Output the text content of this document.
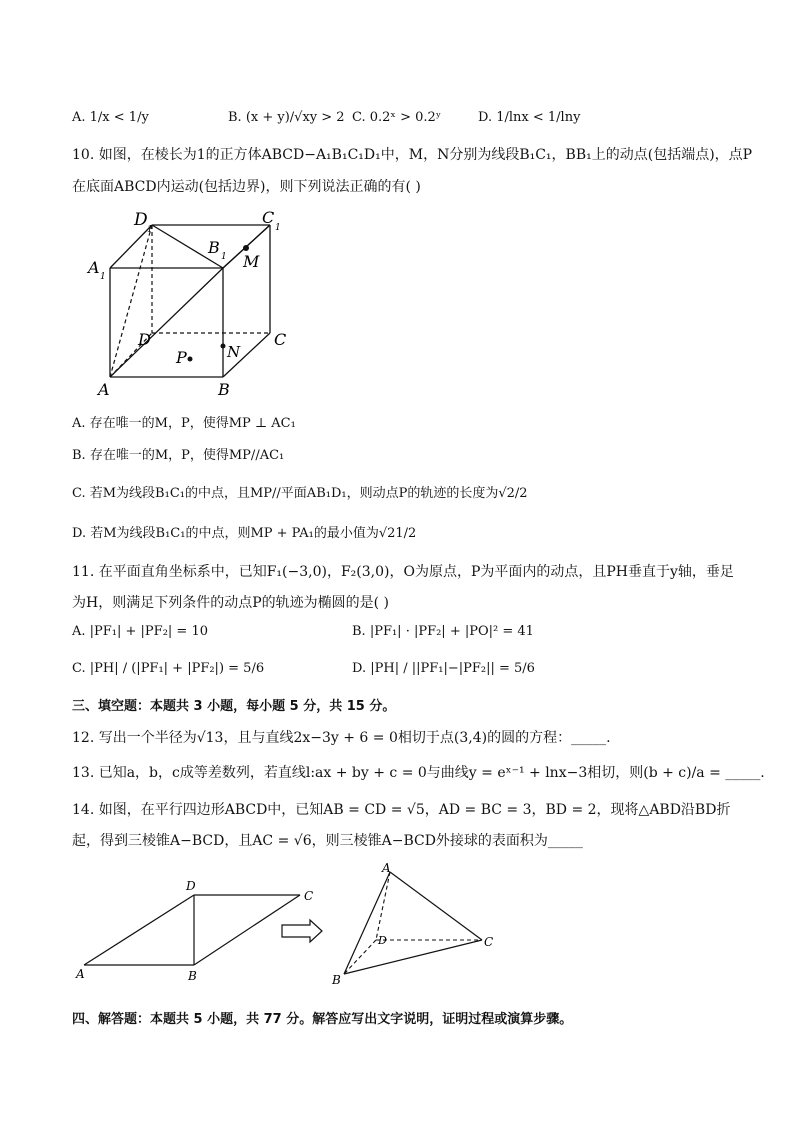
A. 1/x < 1/y	B. (x + y)/√xy > 2 C. 0.2ˣ > 0.2ʸ	D. 1/lnx < 1/lny
10. 如图，在棱长为1的正方体ABCD−A₁B₁C₁D₁中，M，N分别为线段B₁C₁，BB₁上的动点(包括端点)，点P
在底面ABCD内运动(包括边界)，则下列说法正确的有( )
D 1
A 1
B 1
C
1
M
D	C
P	N
A	B
A. 存在唯一的M，P，使得MP ⊥ AC₁
B. 存在唯一的M，P，使得MP//AC₁
C. 若M为线段B₁C₁的中点，且MP//平面AB₁D₁，则动点P的轨迹的长度为√2/2
D. 若M为线段B₁C₁的中点，则MP + PA₁的最小值为√21/2
11. 在平面直角坐标系中，已知F₁(−3,0)，F₂(3,0)，O为原点，P为平面内的动点，且PH垂直于y轴，垂足
为H，则满足下列条件的动点P的轨迹为椭圆的是( )
A. |PF₁| + |PF₂| = 10	B. |PF₁| · |PF₂| + |PO|² = 41
C. |PH| / (|PF₁| + |PF₂|) = 5/6	D. |PH| / ||PF₁|−|PF₂|| = 5/6
三、填空题：本题共 3 小题，每小题 5 分，共 15 分。
12. 写出一个半径为√13，且与直线2x−3y + 6 = 0相切于点(3,4)的圆的方程：_____.
13. 已知a，b，c成等差数列，若直线l:ax + by + c = 0与曲线y = eˣ⁻¹ + lnx−3相切，则(b + c)/a = _____.
14. 如图，在平行四边形ABCD中，已知AB = CD = √5，AD = BC = 3，BD = 2，现将△ABD沿BD折
起，得到三棱锥A−BCD，且AC = √6，则三棱锥A−BCD外接球的表面积为_____
D
C
A	B
A
D	C
B
四、解答题：本题共 5 小题，共 77 分。解答应写出文字说明，证明过程或演算步骤。
